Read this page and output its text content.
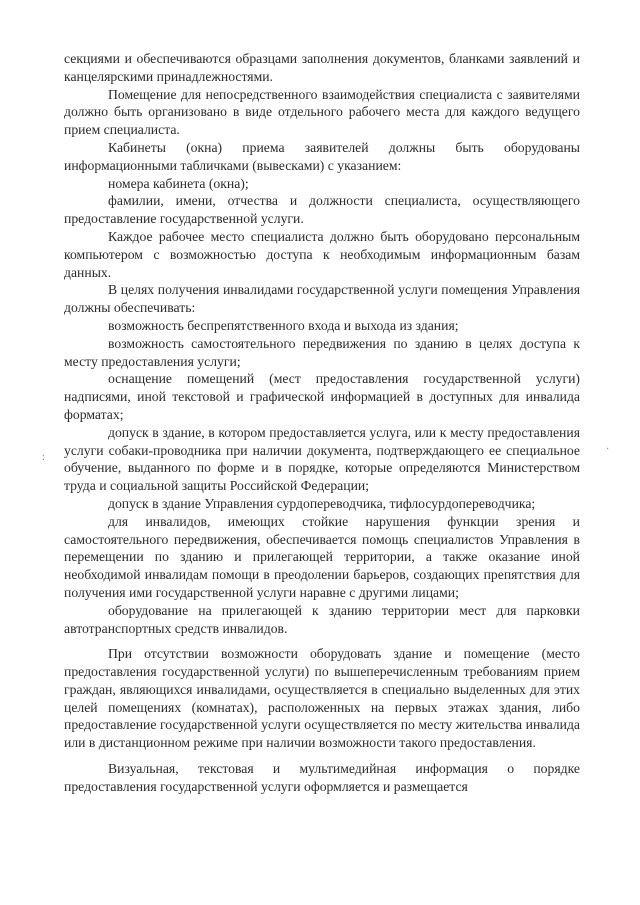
секциями и обеспечиваются образцами заполнения документов, бланками заявлений и канцелярскими принадлежностями.

Помещение для непосредственного взаимодействия специалиста с заявителями должно быть организовано в виде отдельного рабочего места для каждого ведущего прием специалиста.

Кабинеты (окна) приема заявителей должны быть оборудованы информационными табличками (вывесками) с указанием:

номера кабинета (окна);

фамилии, имени, отчества и должности специалиста, осуществляющего предоставление государственной услуги.

Каждое рабочее место специалиста должно быть оборудовано персональным компьютером с возможностью доступа к необходимым информационным базам данных.

В целях получения инвалидами государственной услуги помещения Управления должны обеспечивать:

возможность беспрепятственного входа и выхода из здания;

возможность самостоятельного передвижения по зданию в целях доступа к месту предоставления услуги;

оснащение помещений (мест предоставления государственной услуги) надписями, иной текстовой и графической информацией в доступных для инвалида форматах;

допуск в здание, в котором предоставляется услуга, или к месту предоставления услуги собаки-проводника при наличии документа, подтверждающего ее специальное обучение, выданного по форме и в порядке, которые определяются Министерством труда и социальной защиты Российской Федерации;

допуск в здание Управления сурдопереводчика, тифлосурдопереводчика;

для инвалидов, имеющих стойкие нарушения функции зрения и самостоятельного передвижения, обеспечивается помощь специалистов Управления в перемещении по зданию и прилегающей территории, а также оказание иной необходимой инвалидам помощи в преодолении барьеров, создающих препятствия для получения ими государственной услуги наравне с другими лицами;

оборудование на прилегающей к зданию территории мест для парковки автотранспортных средств инвалидов.

При отсутствии возможности оборудовать здание и помещение (место предоставления государственной услуги) по вышеперечисленным требованиям прием граждан, являющихся инвалидами, осуществляется в специально выделенных для этих целей помещениях (комнатах), расположенных на первых этажах здания, либо предоставление государственной услуги осуществляется по месту жительства инвалида или в дистанционном режиме при наличии возможности такого предоставления.

Визуальная, текстовая и мультимедийная информация о порядке предоставления государственной услуги оформляется и размещается

:
·
